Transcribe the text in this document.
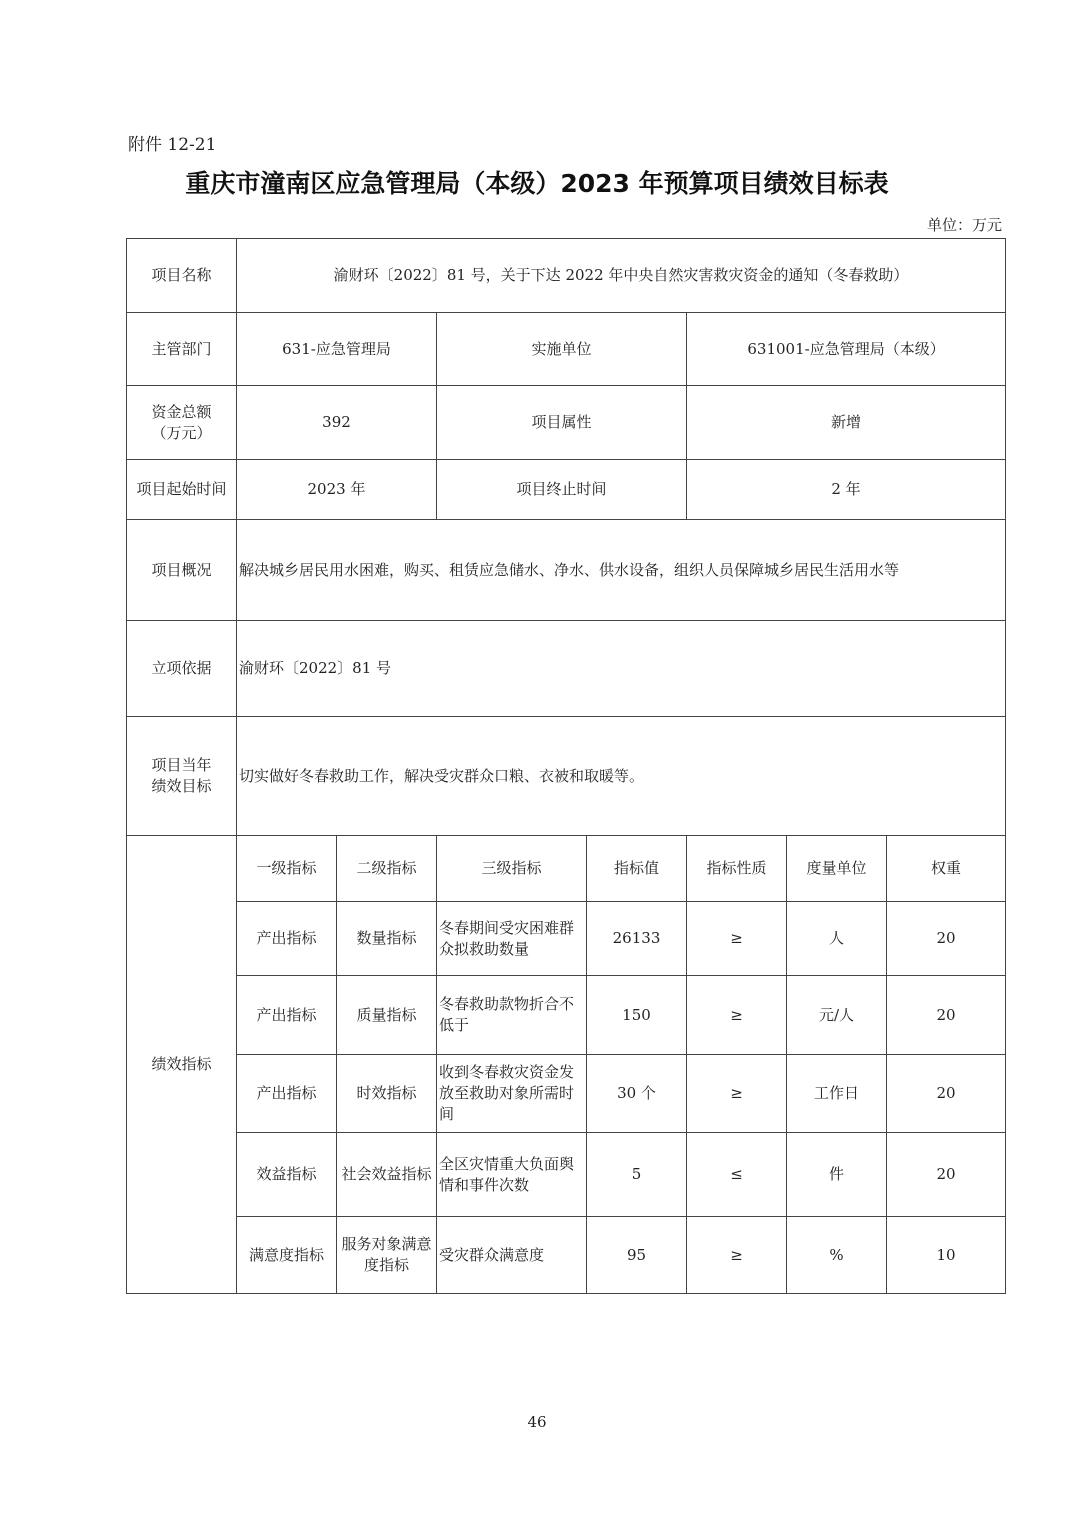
附件 12-21
重庆市潼南区应急管理局（本级）2023 年预算项目绩效目标表
单位：万元
项目名称	渝财环〔2022〕81 号，关于下达 2022 年中央自然灾害救灾资金的通知（冬春救助）						
主管部门	631-应急管理局		实施单位		631001-应急管理局（本级）		
资金总额
（万元）	392		项目属性		新增		
项目起始时间	2023 年		项目终止时间		2 年		
项目概况	解决城乡居民用水困难，购买、租赁应急储水、净水、供水设备，组织人员保障城乡居民生活用水等						
立项依据	渝财环〔2022〕81 号						
项目当年
绩效目标	切实做好冬春救助工作，解决受灾群众口粮、衣被和取暖等。						
绩效指标	一级指标	二级指标	三级指标	指标值	指标性质	度量单位	权重
	产出指标	数量指标	冬春期间受灾困难群众拟救助数量	26133	≥	人	20
	产出指标	质量指标	冬春救助款物折合不低于	150	≥	元/人	20
	产出指标	时效指标	收到冬春救灾资金发放至救助对象所需时间	30 个	≥	工作日	20
	效益指标	社会效益指标	全区灾情重大负面舆情和事件次数	5	≤	件	20
	满意度指标	服务对象满意度指标	受灾群众满意度	95	≥	%	10
46
